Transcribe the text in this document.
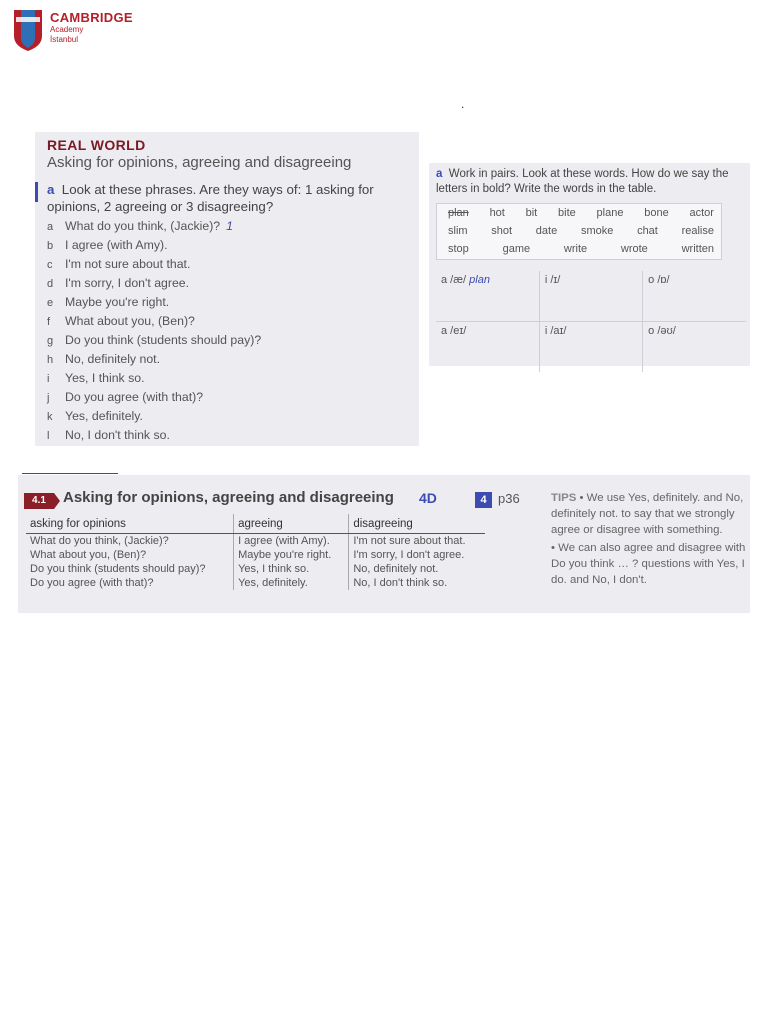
CAMBRIDGE
Academy
İstanbul
.
REAL WORLD
Asking for opinions, agreeing and disagreeing
a Look at these phrases. Are they ways of: 1 asking for opinions, 2 agreeing or 3 disagreeing?
a What do you think, (Jackie)? 1
b I agree (with Amy).
c I'm not sure about that.
d I'm sorry, I don't agree.
e Maybe you're right.
f What about you, (Ben)?
g Do you think (students should pay)?
h No, definitely not.
i Yes, I think so.
j Do you agree (with that)?
k Yes, definitely.
l No, I don't think so.
a Work in pairs. Look at these words. How do we say the letters in bold? Write the words in the table.
plan hot bit bite plane bone actor
slim shot date smoke chat realise
stop	game	write	wrote	written
a /æ/ plan	i /ɪ/	o /ɒ/
a /eɪ/	i /aɪ/	o /əʊ/
4.1	Asking for opinions, agreeing and disagreeing 4D	4 p36
asking for opinions	agreeing	disagreeing
What do you think, (Jackie)?	I agree (with Amy).	I'm not sure about that.
What about you, (Ben)?	Maybe you're right.	I'm sorry, I don't agree.
Do you think (students should pay)?	Yes, I think so.	No, definitely not.
Do you agree (with that)?	Yes, definitely.	No, I don't think so.

TIPS • We use Yes, definitely. and No, definitely not. to say that we strongly agree or disagree with something.

• We can also agree and disagree with Do you think … ? questions with Yes, I do. and No, I don't.
